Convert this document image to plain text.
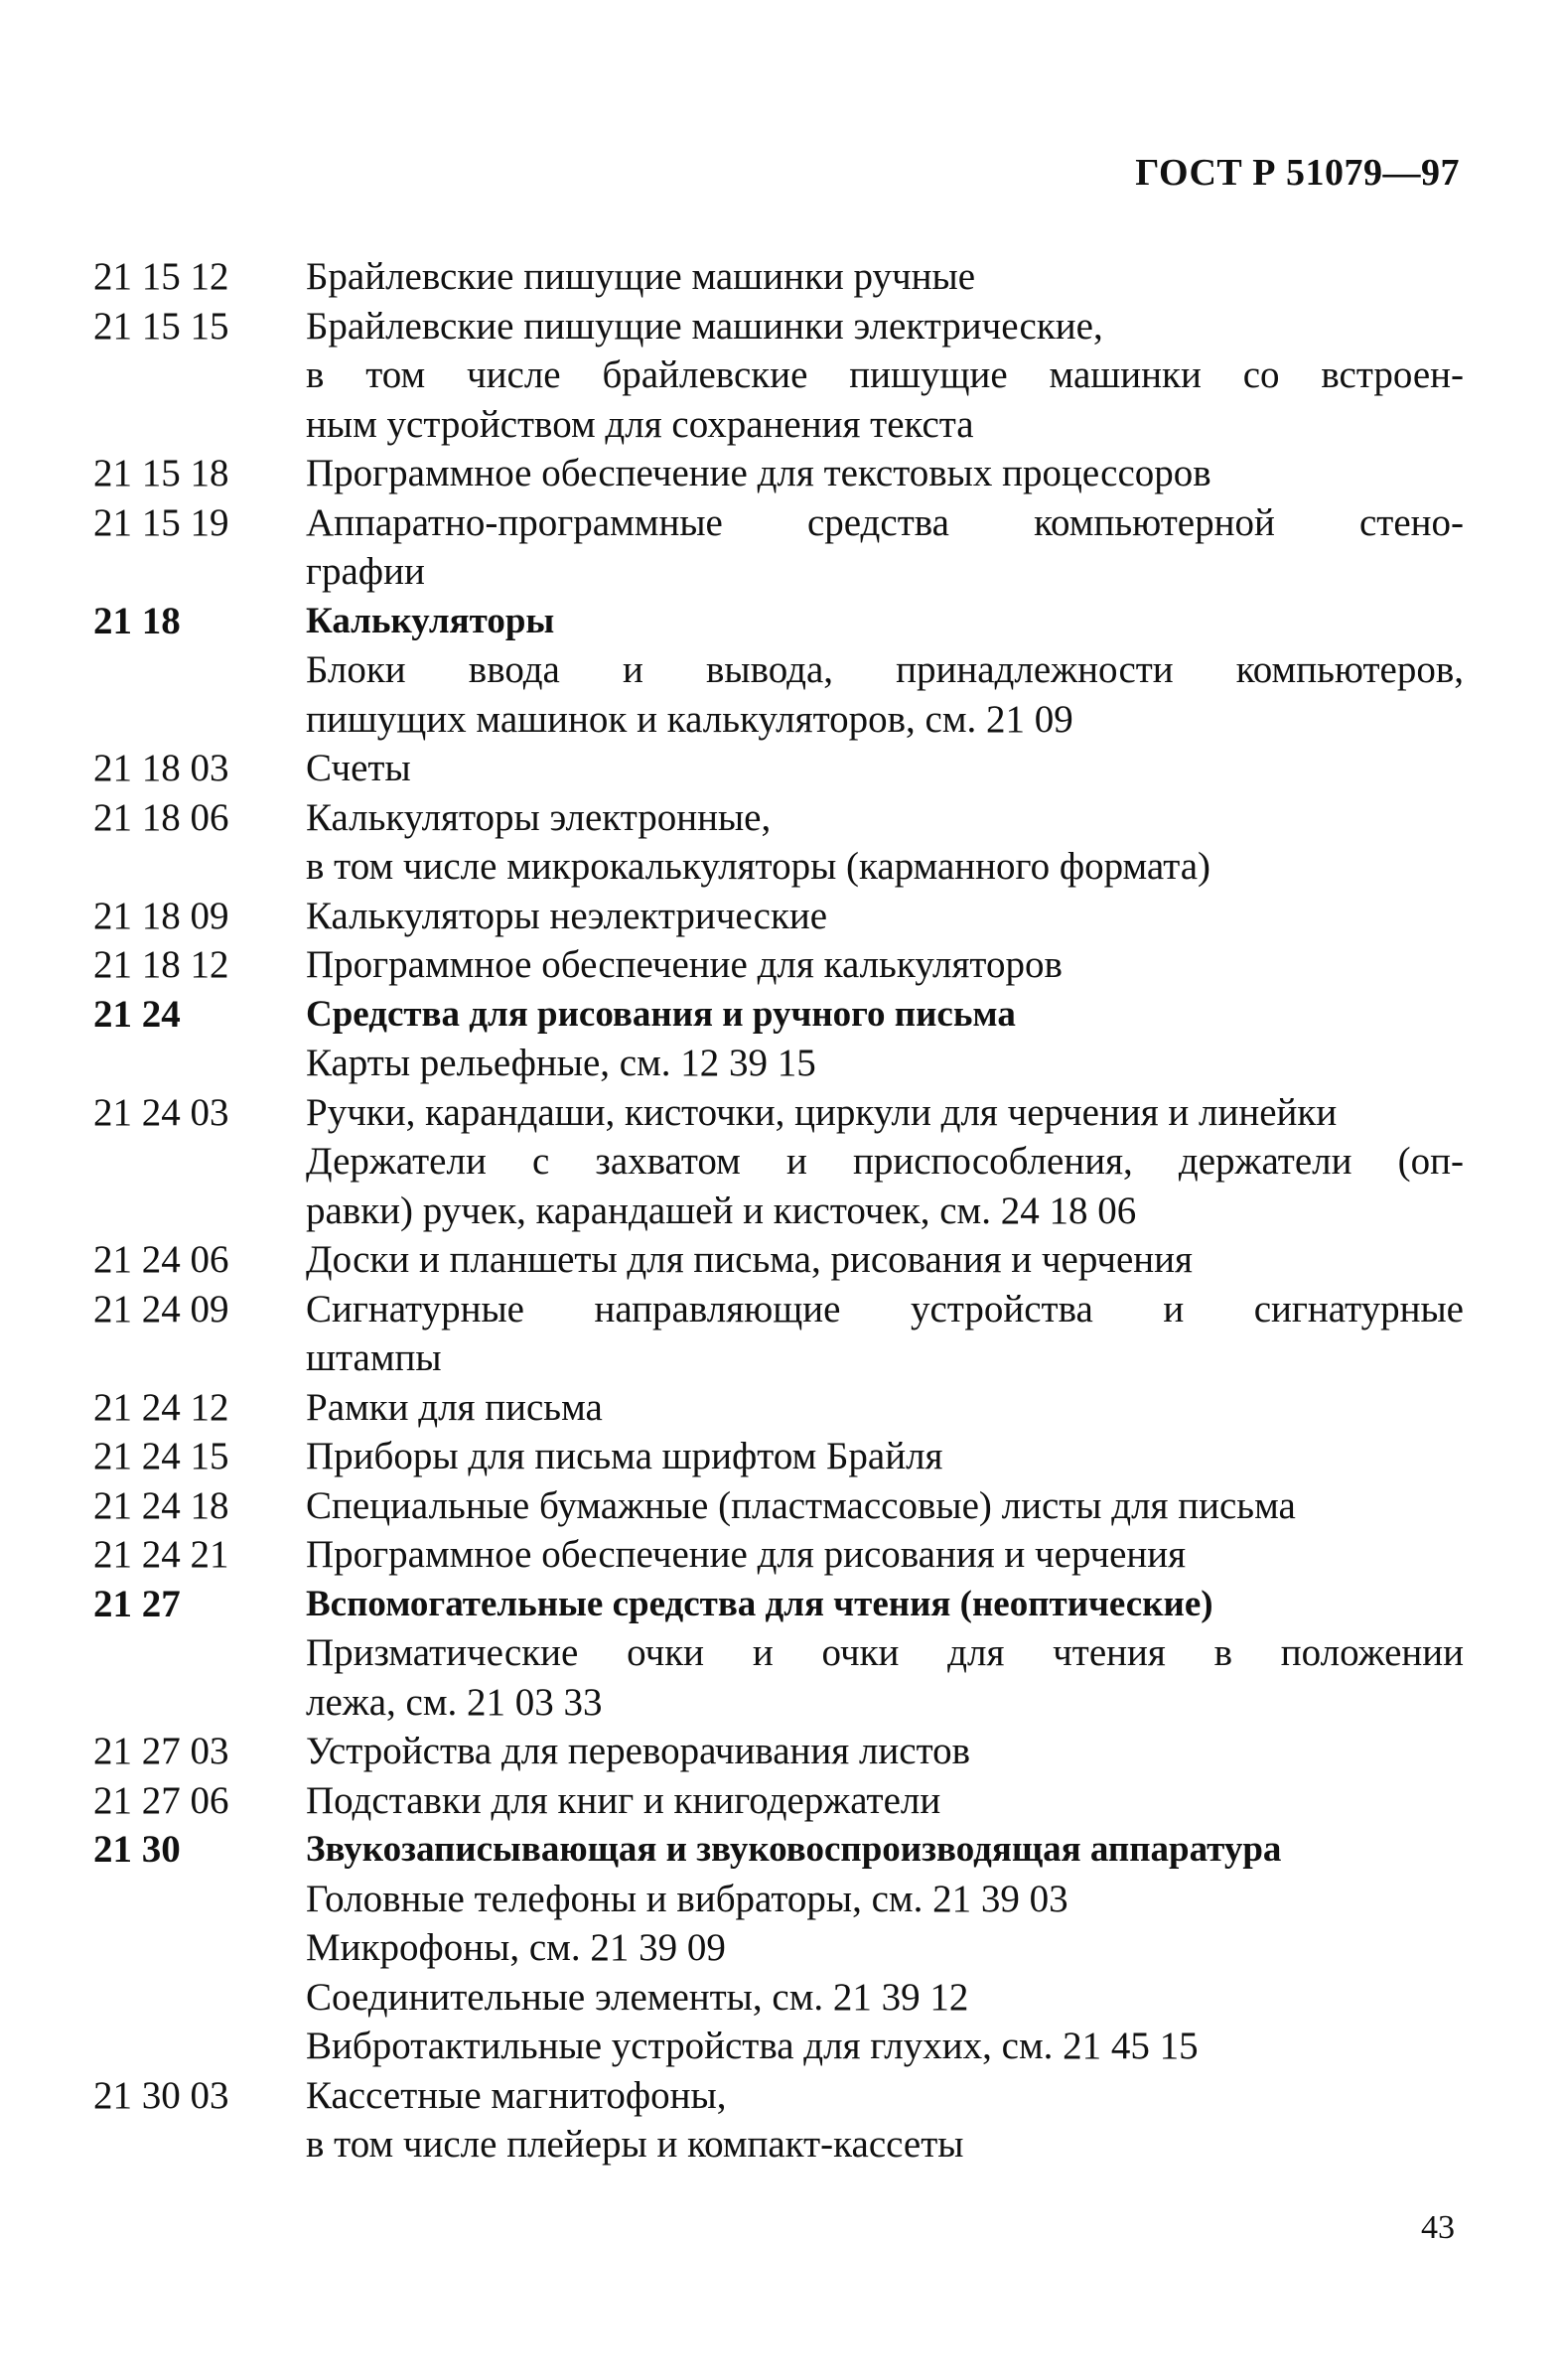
ГОСТ Р 51079—97
21 15 12	Брайлевские пишущие машинки ручные
21 15 15	Брайлевские пишущие машинки электрические,
в том числе брайлевские пишущие машинки со встроен-
ным устройством для сохранения текста
21 15 18	Программное обеспечение для текстовых процессоров
21 15 19	Аппаратно-программные средства компьютерной стено-
графии
21 18	Калькуляторы
Блоки ввода и вывода, принадлежности компьютеров,
пишущих машинок и калькуляторов, см. 21 09
21 18 03	Счеты
21 18 06	Калькуляторы электронные,
в том числе микрокалькуляторы (карманного формата)
21 18 09	Калькуляторы неэлектрические
21 18 12	Программное обеспечение для калькуляторов
21 24	Средства для рисования и ручного письма
Карты рельефные, см. 12 39 15
21 24 03	Ручки, карандаши, кисточки, циркули для черчения и линейки
Держатели с захватом и приспособления, держатели (оп-
равки) ручек, карандашей и кисточек, см. 24 18 06
21 24 06	Доски и планшеты для письма, рисования и черчения
21 24 09	Сигнатурные направляющие устройства и сигнатурные
штампы
21 24 12	Рамки для письма
21 24 15	Приборы для письма шрифтом Брайля
21 24 18	Специальные бумажные (пластмассовые) листы для письма
21 24 21	Программное обеспечение для рисования и черчения
21 27	Вспомогательные средства для чтения (неоптические)
Призматические очки и очки для чтения в положении
лежа, см. 21 03 33
21 27 03	Устройства для переворачивания листов
21 27 06	Подставки для книг и книгодержатели
21 30	Звукозаписывающая и звуковоспроизводящая аппаратура
Головные телефоны и вибраторы, см. 21 39 03
Микрофоны, см. 21 39 09
Соединительные элементы, см. 21 39 12
Вибротактильные устройства для глухих, см. 21 45 15
21 30 03	Кассетные магнитофоны,
в том числе плейеры и компакт-кассеты
43
